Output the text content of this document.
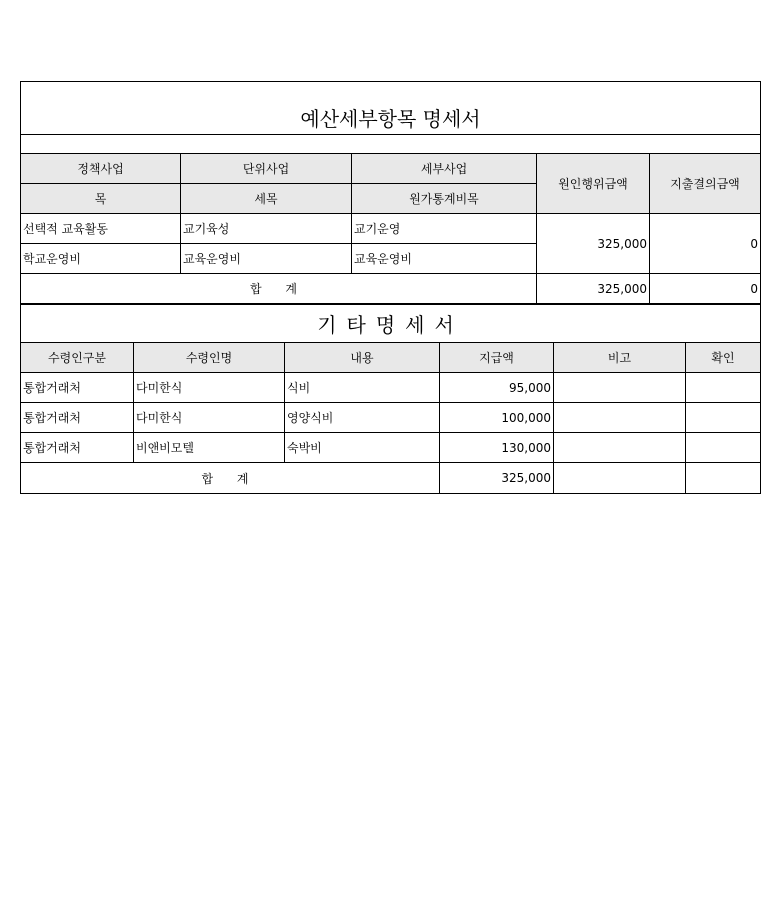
예산세부항목 명세서				

정책사업	단위사업	세부사업	원인행위금액	지출결의금액
목	세목	원가통계비목		
선택적 교육활동	교기육성	교기운영	325,000	0
학교운영비	교육운영비	교육운영비		
합 계			325,000	0
기타명세서					
수령인구분	수령인명	내용	지급액	비고	확인
통합거래처	다미한식	식비	95,000		
통합거래처	다미한식	영양식비	100,000		
통합거래처	비앤비모텔	숙박비	130,000		
합 계			325,000		
